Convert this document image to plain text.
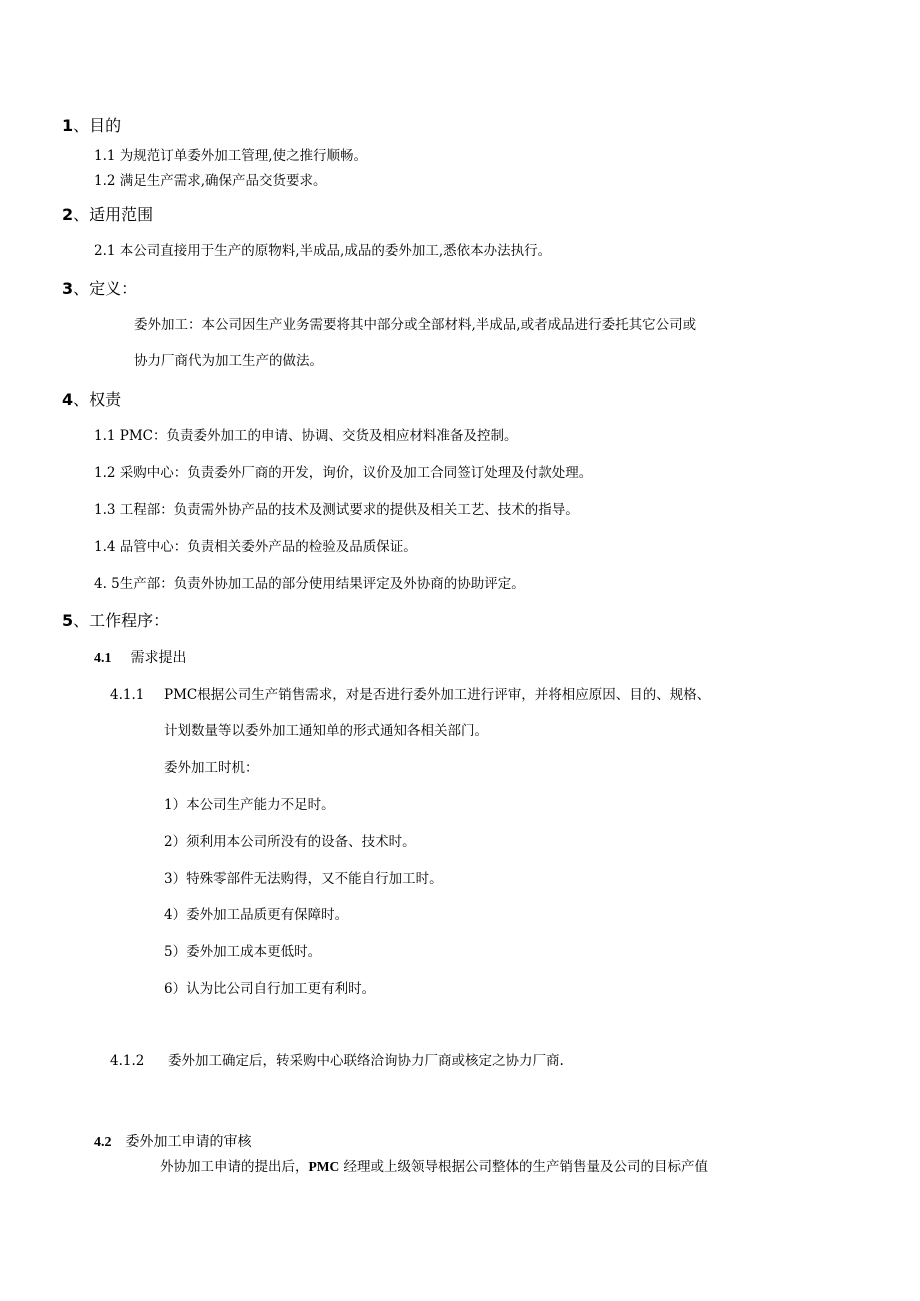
1、目的
1.1 为规范订单委外加工管理,使之推行顺畅。
1.2 满足生产需求,确保产品交货要求。
2、适用范围
2.1 本公司直接用于生产的原物料,半成品,成品的委外加工,悉依本办法执行。
3、定义：
委外加工：本公司因生产业务需要将其中部分或全部材料,半成品,或者成品进行委托其它公司或
协力厂商代为加工生产的做法。
4、权责
1.1 PMC：负责委外加工的申请、协调、交货及相应材料准备及控制。
1.2 采购中心：负责委外厂商的开发，询价，议价及加工合同签订处理及付款处理。
1.3 工程部：负责需外协产品的技术及测试要求的提供及相关工艺、技术的指导。
1.4 品管中心：负责相关委外产品的检验及品质保证。
4. 5生产部：负责外协加工品的部分使用结果评定及外协商的协助评定。
5、工作程序：
4.1 需求提出
4.1.1 PMC根据公司生产销售需求，对是否进行委外加工进行评审，并将相应原因、目的、规格、
计划数量等以委外加工通知单的形式通知各相关部门。
委外加工时机：
1）本公司生产能力不足时。
2）须利用本公司所没有的设备、技术时。
3）特殊零部件无法购得，又不能自行加工时。
4）委外加工品质更有保障时。
5）委外加工成本更低时。
6）认为比公司自行加工更有利时。
4.1.2 委外加工确定后，转采购中心联络洽询协力厂商或核定之协力厂商.
4.2 委外加工申请的审核
外协加工申请的提出后，PMC 经理或上级领导根据公司整体的生产销售量及公司的目标产值
